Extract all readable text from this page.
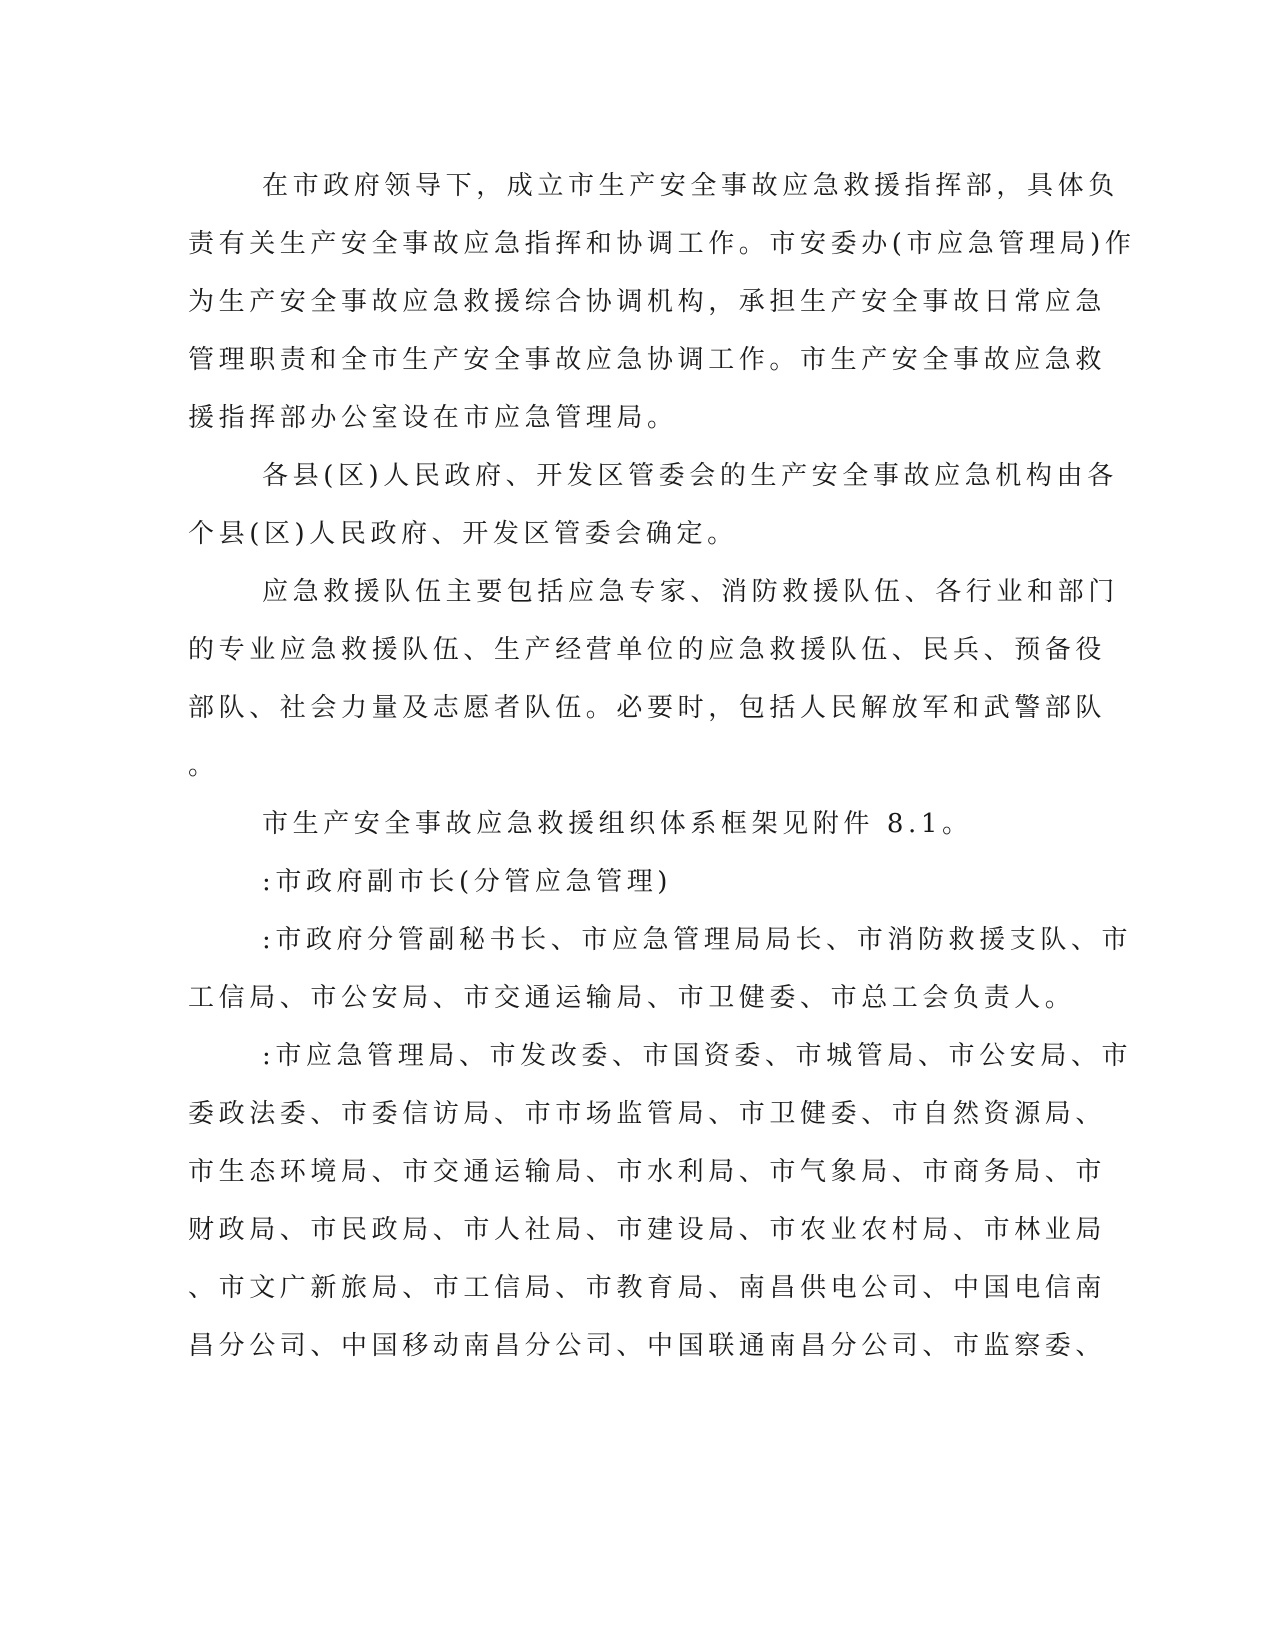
在市政府领导下，成立市生产安全事故应急救援指挥部，具体负
责有关生产安全事故应急指挥和协调工作。市安委办(市应急管理局)作
为生产安全事故应急救援综合协调机构，承担生产安全事故日常应急
管理职责和全市生产安全事故应急协调工作。市生产安全事故应急救
援指挥部办公室设在市应急管理局。
各县(区)人民政府、开发区管委会的生产安全事故应急机构由各
个县(区)人民政府、开发区管委会确定。
应急救援队伍主要包括应急专家、消防救援队伍、各行业和部门
的专业应急救援队伍、生产经营单位的应急救援队伍、民兵、预备役
部队、社会力量及志愿者队伍。必要时，包括人民解放军和武警部队
。
市生产安全事故应急救援组织体系框架见附件 8.1。
:市政府副市长(分管应急管理)
:市政府分管副秘书长、市应急管理局局长、市消防救援支队、市
工信局、市公安局、市交通运输局、市卫健委、市总工会负责人。
:市应急管理局、市发改委、市国资委、市城管局、市公安局、市
委政法委、市委信访局、市市场监管局、市卫健委、市自然资源局、
市生态环境局、市交通运输局、市水利局、市气象局、市商务局、市
财政局、市民政局、市人社局、市建设局、市农业农村局、市林业局
、市文广新旅局、市工信局、市教育局、南昌供电公司、中国电信南
昌分公司、中国移动南昌分公司、中国联通南昌分公司、市监察委、
